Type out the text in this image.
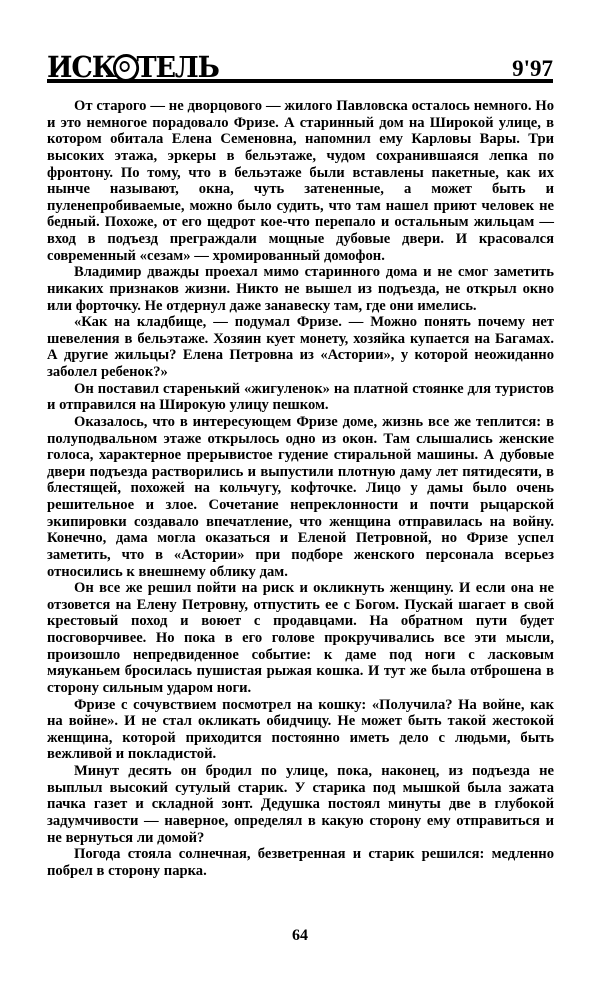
ИСК ТЕЛЬ	9'97

От старого — не дворцового — жилого Павловска осталось немного. Но и это немногое порадовало Фризе. А старинный дом на Широкой улице, в котором обитала Елена Семеновна, напомнил ему Карловы Вары. Три высоких этажа, эркеры в бельэтаже, чудом сохранившаяся лепка по фронтону. По тому, что в бельэтаже были вставлены пакетные, как их нынче называют, окна, чуть затененные, а может быть и пуленепробиваемые, можно было судить, что там нашел приют человек не бедный. Похоже, от его щедрот кое-что перепало и остальным жильцам — вход в подъезд преграждали мощные дубовые двери. И красовался современный «сезам» — хромированный домофон.

Владимир дважды проехал мимо старинного дома и не смог заметить никаких признаков жизни. Никто не вышел из подъезда, не открыл окно или форточку. Не отдернул даже занавеску там, где они имелись.

«Как на кладбище, — подумал Фризе. — Можно понять почему нет шевеления в бельэтаже. Хозяин кует монету, хозяйка купается на Багамах. А другие жильцы? Елена Петровна из «Астории», у которой неожиданно заболел ребенок?»

Он поставил старенький «жигуленок» на платной стоянке для туристов и отправился на Широкую улицу пешком.

Оказалось, что в интересующем Фризе доме, жизнь все же теплится: в полуподвальном этаже открылось одно из окон. Там слышались женские голоса, характерное прерывистое гудение стиральной машины. А дубовые двери подъезда растворились и выпустили плотную даму лет пятидесяти, в блестящей, похожей на кольчугу, кофточке. Лицо у дамы было очень решительное и злое. Сочетание непреклонности и почти рыцарской экипировки создавало впечатление, что женщина отправилась на войну. Конечно, дама могла оказаться и Еленой Петровной, но Фризе успел заметить, что в «Астории» при подборе женского персонала всерьез относились к внешнему облику дам.

Он все же решил пойти на риск и окликнуть женщину. И если она не отзовется на Елену Петровну, отпустить ее с Богом. Пускай шагает в свой крестовый поход и воюет с продавцами. На обратном пути будет посговорчивее. Но пока в его голове прокручивались все эти мысли, произошло непредвиденное событие: к даме под ноги с ласковым мяуканьем бросилась пушистая рыжая кошка. И тут же была отброшена в сторону сильным ударом ноги.

Фризе с сочувствием посмотрел на кошку: «Получила? На войне, как на войне». И не стал окликать обидчицу. Не может быть такой жестокой женщина, которой приходится постоянно иметь дело с людьми, быть вежливой и покладистой.

Минут десять он бродил по улице, пока, наконец, из подъезда не выплыл высокий сутулый старик. У старика под мышкой была зажата пачка газет и складной зонт. Дедушка постоял минуты две в глубокой задумчивости — наверное, определял в какую сторону ему отправиться и не вернуться ли домой?

Погода стояла солнечная, безветренная и старик решился: медленно побрел в сторону парка.

64
